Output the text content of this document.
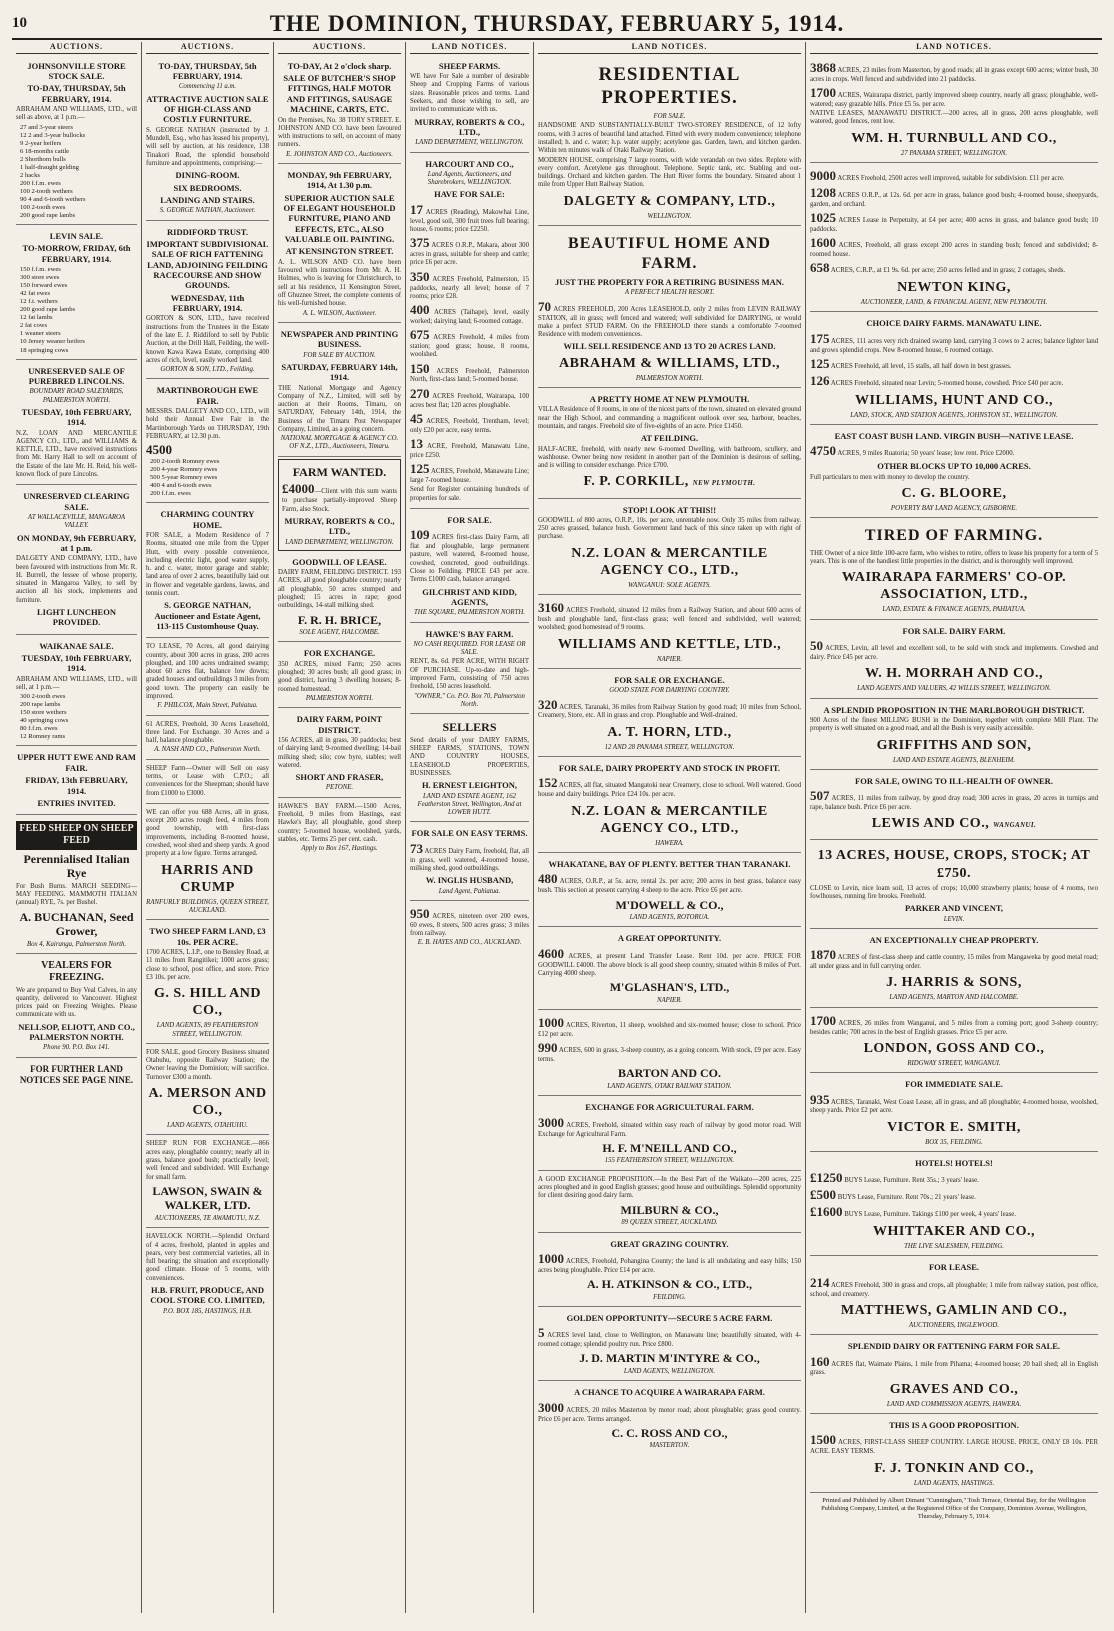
10	THE DOMINION, THURSDAY, FEBRUARY 5, 1914.
AUCTIONS.
JOHNSONVILLE STORE STOCK SALE.
TO-DAY, THURSDAY, 5th FEBRUARY, 1914.

ABRAHAM AND WILLIAMS, LTD., will sell as above, at 1 p.m.—

27 and 3-year steers
12 2 and 3-year bullocks
9 2-year heifers
6 18-months cattle
2 Shorthorn bulls
1 half-draught gelding
2 hacks
200 f.f.m. ewes
100 2-tooth wethers
90 4 and 6-tooth wethers
100 2-tooth ewes
200 good rape lambs
LEVIN SALE.
TO-MORROW, FRIDAY, 6th FEBRUARY, 1914.
150 f.f.m. ewes
300 store ewes
150 forward ewes
42 fat ewes
12 f.t. wethers
200 good rape lambs
12 fat lambs
2 fat cows
1 weaner steers
10 Jersey weaner heifers
18 springing cows
UNRESERVED SALE OF PUREBRED LINCOLNS.
BOUNDARY ROAD SALEYARDS, PALMERSTON NORTH.
TUESDAY, 10th FEBRUARY, 1914.

N.Z. LOAN AND MERCANTILE AGENCY CO., LTD., and WILLIAMS & KETTLE, LTD., have received instructions from Mr. Harry Hall to sell on account of the Estate of the late Mr. H. Reid, his well-known flock of pure Lincolns.

UNRESERVED CLEARING SALE.
AT WALLACEVILLE, MANGAROA VALLEY.
ON MONDAY, 9th FEBRUARY, at 1 p.m.

DALGETY AND COMPANY, LTD., have been favoured with instructions from Mr. R. H. Burrell, the lessee of whose property, situated in Mangaroa Valley, to sell by auction all his stock, implements and furniture.

LIGHT LUNCHEON PROVIDED.
WAIKANAE SALE.
TUESDAY, 10th FEBRUARY, 1914.

ABRAHAM AND WILLIAMS, LTD., will sell, at 1 p.m.—

300 2-tooth ewes
200 rape lambs
150 store wethers
40 springing cows
80 f.f.m. ewes
12 Romney rams
UPPER HUTT EWE AND RAM FAIR.
FRIDAY, 13th FEBRUARY, 1914.
ENTRIES INVITED.
FEED SHEEP ON SHEEP FEED
Perennialised Italian Rye

For Bush Burns. MARCH SEEDING—MAY FEEDING. MAMMOTH ITALIAN (annual) RYE, 7s. per Bushel.

A. BUCHANAN, Seed Grower,
Box 4, Kairanga, Palmerston North.
VEALERS FOR FREEZING.

We are prepared to Buy Veal Calves, in any quantity, delivered to Vancouver. Highest prices paid on Freezing Weights. Please communicate with us.

NELLSOP, ELIOTT, AND CO., PALMERSTON NORTH.
Phone 90. P.O. Box 141.
FOR FURTHER LAND NOTICES SEE PAGE NINE.
AUCTIONS.
TO-DAY, THURSDAY, 5th FEBRUARY, 1914.
Commencing 11 a.m.
ATTRACTIVE AUCTION SALE OF HIGH-CLASS AND COSTLY FURNITURE.

S. GEORGE NATHAN (instructed by J. Mundell, Esq., who has leased his property), will sell by auction, at his residence, 138 Tinakori Road, the splendid household furniture and appointments, comprising:—

DINING-ROOM.
SIX BEDROOMS.
LANDING AND STAIRS.
S. GEORGE NATHAN, Auctioneer.
RIDDIFORD TRUST.
IMPORTANT SUBDIVISIONAL SALE OF RICH FATTENING LAND, ADJOINING FEILDING RACECOURSE AND SHOW GROUNDS.
WEDNESDAY, 11th FEBRUARY, 1914.

GORTON & SON, LTD., have received instructions from the Trustees in the Estate of the late E. J. Riddiford to sell by Public Auction, at the Drill Hall, Feilding, the well-known Kawa Kawa Estate, comprising 400 acres of rich, level, easily worked land.

GORTON & SON, LTD., Feilding.
MARTINBOROUGH EWE FAIR.

MESSRS. DALGETY AND CO., LTD., will hold their Annual Ewe Fair in the Martinborough Yards on THURSDAY, 19th FEBRUARY, at 12.30 p.m.

4500
200 2-tooth Romney ewes
200 4-year Romney ewes
500 5-year Romney ewes
400 4 and 6-tooth ewes
200 f.f.m. ewes
CHARMING COUNTRY HOME.

FOR SALE, a Modern Residence of 7 Rooms, situated one mile from the Upper Hutt, with every possible convenience, including electric light, good water supply, h. and c. water, motor garage and stable; land area of over 2 acres, beautifully laid out in flower and vegetable gardens, lawns, and tennis court.

S. GEORGE NATHAN, Auctioneer and Estate Agent, 113-115 Customhouse Quay.

TO LEASE, 70 Acres, all good dairying country, about 300 acres in grass, 200 acres ploughed, and 100 acres undrained swamp; about 60 acres flat, balance low downs; graded houses and outbuildings 3 miles from good town. The property can easily be improved.

F. PHILCOX, Main Street, Pahiatua.

61 ACRES, Freehold, 30 Acres Leasehold, three land. For Exchange. 30 Acres and a half, balance ploughable.

A. NASH AND CO., Palmerston North.

SHEEP Farm—Owner will Sell on easy terms, or Lease with C.P.O.; all conveniences for the Sheepman; should have from £1000 to £3000.

WE can offer you 688 Acres, all in grass, except 200 acres rough feed, 4 miles from good township, with first-class improvements, including 8-roomed house, cowshed, wool shed and sheep yards. A good property at a low figure. Terms arranged.

HARRIS AND CRUMP
RANFURLY BUILDINGS, QUEEN STREET, AUCKLAND.
TWO SHEEP FARM LAND, £3 10s. PER ACRE.

1700 ACRES, L.I.P., one to Bensley Road, at 11 miles from Rangitikei; 1000 acres grass; close to school, post office, and store. Price £3 10s. per acre.

G. S. HILL AND CO.,
LAND AGENTS, 89 FEATHERSTON STREET, WELLINGTON.

FOR SALE, good Grocery Business situated Otahuhu, opposite Railway Station; the Owner leaving the Dominion; will sacrifice. Turnover £300 a month.

A. MERSON AND CO.,
LAND AGENTS, OTAHUHU.

SHEEP RUN FOR EXCHANGE.—866 acres easy, ploughable country; nearly all in grass, balance good bush; practically level; well fenced and subdivided. Will Exchange for small farm.

LAWSON, SWAIN & WALKER, LTD.
AUCTIONEERS, TE AWAMUTU, N.Z.

HAVELOCK NORTH.—Splendid Orchard of 4 acres, freehold, planted in apples and pears, very best commercial varieties, all in full bearing; the situation and exceptionally good climate. House of 5 rooms, with conveniences.

H.B. FRUIT, PRODUCE, AND COOL STORE CO. LIMITED,
P.O. BOX 185, HASTINGS, H.B.
AUCTIONS.
TO-DAY, At 2 o'clock sharp.
SALE OF BUTCHER'S SHOP FITTINGS, HALF MOTOR AND FITTINGS, SAUSAGE MACHINE, CARTS, ETC.

On the Premises, No. 38 TORY STREET. E. JOHNSTON AND CO. have been favoured with instructions to sell, on account of many runners.

E. JOHNSTON AND CO., Auctioneers.
MONDAY, 9th FEBRUARY, 1914, At 1.30 p.m.
SUPERIOR AUCTION SALE OF ELEGANT HOUSEHOLD FURNITURE, PIANO AND EFFECTS, ETC., ALSO VALUABLE OIL PAINTING.
AT KENSINGTON STREET.

A. L. WILSON AND CO. have been favoured with instructions from Mr. A. H. Holmes, who is leaving for Christchurch, to sell at his residence, 11 Kensington Street, off Ghuznee Street, the complete contents of his well-furnished house.

A. L. WILSON, Auctioneer.
NEWSPAPER AND PRINTING BUSINESS.
FOR SALE BY AUCTION.
SATURDAY, FEBRUARY 14th, 1914.

THE National Mortgage and Agency Company of N.Z., Limited, will sell by auction at their Rooms, Timaru, on SATURDAY, February 14th, 1914, the Business of the Timaru Post Newspaper Company, Limited, as a going concern.

NATIONAL MORTGAGE & AGENCY CO. OF N.Z., LTD., Auctioneers, Timaru.
FARM WANTED.

£4000—Client with this sum wants to purchase partially-improved Sheep Farm, also Stock.

MURRAY, ROBERTS & CO., LTD.,
LAND DEPARTMENT, WELLINGTON.
GOODWILL OF LEASE.

DAIRY FARM, FEILDING DISTRICT. 193 ACRES, all good ploughable country; nearly all ploughable, 50 acres stumped and ploughed; 15 acres in rape; good outbuildings, 14-stall milking shed.

F. R. H. BRICE,
SOLE AGENT, HALCOMBE.
FOR EXCHANGE.

350 ACRES, mixed Farm; 250 acres ploughed; 30 acres bush; all good grass; in good district, having 3 dwelling houses; 8-roomed homestead.

PALMERSTON NORTH.
DAIRY FARM, POINT DISTRICT.

156 ACRES, all in grass, 30 paddocks; best of dairying land; 9-roomed dwelling; 14-bail milking shed; silo; cow byre, stables; well watered.

SHORT AND FRASER,
PETONE.

HAWKE'S BAY FARM.—1500 Acres, Freehold, 9 miles from Hastings, east Hawke's Bay; all ploughable, good sheep country; 5-roomed house, woolshed, yards, stables, etc. Terms 25 per cent. cash.

Apply to Box 167, Hastings.
LAND NOTICES.
SHEEP FARMS.

WE have For Sale a number of desirable Sheep and Cropping Farms of various sizes. Reasonable prices and terms. Land Seekers, and those wishing to sell, are invited to communicate with us.

MURRAY, ROBERTS & CO., LTD.,
LAND DEPARTMENT, WELLINGTON.
HARCOURT AND CO.,
Land Agents, Auctioneers, and Sharebrokers, WELLINGTON.
HAVE FOR SALE:

17 ACRES (Reading), Makowhai Line, level, good soil, 300 fruit trees full bearing; house, 6 rooms; price £2250.

375 ACRES O.R.P., Makara, about 300 acres in grass, suitable for sheep and cattle; price £6 per acre.

350 ACRES Freehold, Palmerston, 15 paddocks, nearly all level; house of 7 rooms; price £28.

400 ACRES (Taihape), level, easily worked; dairying land; 6-roomed cottage.

675 ACRES Freehold, 4 miles from station; good grass; house, 8 rooms, woolshed.

150 ACRES Freehold, Palmerston North, first-class land; 5-roomed house.

270 ACRES Freehold, Wairarapa, 100 acres best flat; 120 acres ploughable.

45 ACRES, Freehold, Trentham, level; only £20 per acre, easy terms.

13 ACRE, Freehold, Manawatu Line, price £250.

125 ACRES, Freehold, Manawatu Line; large 7-roomed house.

Send for Register containing hundreds of properties for sale.

FOR SALE.

109 ACRES first-class Dairy Farm, all flat and ploughable, large permanent pasture, well watered, 8-roomed house, cowshed, concreted, good outbuildings. Close to Feilding. PRICE £43 per acre. Terms £1000 cash, balance arranged.

GILCHRIST AND KIDD, AGENTS,
THE SQUARE, PALMERSTON NORTH.
HAWKE'S BAY FARM.
NO CASH REQUIRED. FOR LEASE OR SALE.

RENT, 8s. 6d. PER ACRE, WITH RIGHT OF PURCHASE. Up-to-date and high-improved Farm, consisting of 750 acres freehold, 150 acres leasehold.

"OWNER," Co. P.O. Box 70, Palmerston North.
SELLERS

Send details of your DAIRY FARMS, SHEEP FARMS, STATIONS, TOWN AND COUNTRY HOUSES, LEASEHOLD PROPERTIES, BUSINESSES.

H. ERNEST LEIGHTON,
LAND AND ESTATE AGENT, 162 Featherston Street, Wellington, And at LOWER HUTT.
FOR SALE ON EASY TERMS.

73 ACRES Dairy Farm, freehold, flat, all in grass, well watered, 4-roomed house, milking shed, good outbuildings.

W. INGLIS HUSBAND,
Land Agent, Pahiatua.

950 ACRES, nineteen over 200 ewes, 60 ewes, 8 steers, 500 acres grass; 3 miles from railway.

E. B. HAYES AND CO., AUCKLAND.
LAND NOTICES.
RESIDENTIAL PROPERTIES.
FOR SALE.

HANDSOME AND SUBSTANTIALLY-BUILT TWO-STOREY RESIDENCE, of 12 lofty rooms, with 3 acres of beautiful land attached. Fitted with every modern convenience; telephone installed; h. and c. water; h.p. water supply; acetylene gas. Garden, lawn, and kitchen garden. Within ten minutes walk of Otaki Railway Station.

MODERN HOUSE, comprising 7 large rooms, with wide verandah on two sides. Replete with every comfort. Acetylene gas throughout. Telephone. Septic tank, etc. Stabling and out-buildings. Orchard and kitchen garden. The Hutt River forms the boundary. Situated about 1 mile from Upper Hutt Railway Station.

DALGETY & COMPANY, LTD.,
WELLINGTON.
BEAUTIFUL HOME AND FARM.
JUST THE PROPERTY FOR A RETIRING BUSINESS MAN.
A PERFECT HEALTH RESORT.

70 ACRES FREEHOLD, 200 Acres LEASEHOLD, only 2 miles from LEVIN RAILWAY STATION, all in grass; well fenced and watered; well subdivided for DAIRYING, or would make a perfect STUD FARM. On the FREEHOLD there stands a comfortable 7-roomed Residence with modern conveniences.

WILL SELL RESIDENCE AND 13 TO 20 ACRES LAND.
ABRAHAM & WILLIAMS, LTD.,
PALMERSTON NORTH.
A PRETTY HOME AT NEW PLYMOUTH.

VILLA Residence of 8 rooms, in one of the nicest parts of the town, situated on elevated ground near the High School, and commanding a magnificent outlook over sea, harbour, beaches, mountain, and ranges. Freehold site of five-eighths of an acre. Price £1450.

AT FEILDING.

HALF-ACRE, freehold, with nearly new 6-roomed Dwelling, with bathroom, scullery, and washhouse. Owner being now resident in another part of the Dominion is desirous of selling, and is willing to consider exchange. Price £700.

F. P. CORKILL, NEW PLYMOUTH.
STOP! LOOK AT THIS!!

GOODWILL of 800 acres, O.R.P., 10s. per acre, unrentable now. Only 35 miles from railway. 250 acres grassed, balance bush. Government land back of this since taken up with right of purchase.

N.Z. LOAN & MERCANTILE AGENCY CO., LTD.,
WANGANUI: SOLE AGENTS.

3160 ACRES Freehold, situated 12 miles from a Railway Station, and about 600 acres of bush and ploughable land, first-class grass; well fenced and subdivided, well watered; woolshed; good homestead of 9 rooms.

WILLIAMS AND KETTLE, LTD.,
NAPIER.
FOR SALE OR EXCHANGE.
GOOD STATE FOR DAIRYING COUNTRY.

320 ACRES, Taranaki, 36 miles from Railway Station by good road; 10 miles from School, Creamery, Store, etc. All in grass and crop. Ploughable and Well-drained.

A. T. HORN, LTD.,
12 AND 28 PANAMA STREET, WELLINGTON.
FOR SALE, DAIRY PROPERTY AND STOCK IN PROFIT.

152 ACRES, all flat, situated Mangatoki near Creamery, close to school. Well watered. Good house and dairy buildings. Price £24 10s. per acre.

N.Z. LOAN & MERCANTILE AGENCY CO., LTD.,
HAWERA.
WHAKATANE, BAY OF PLENTY. BETTER THAN TARANAKI.

480 ACRES, O.R.P., at 5s. acre, rental 2s. per acre; 200 acres in best grass, balance easy bush. This section at present carrying 4 sheep to the acre. Price £6 per acre.

M'DOWELL & CO.,
LAND AGENTS, ROTORUA.
A GREAT OPPORTUNITY.

4600 ACRES, at present Land Transfer Lease. Rent 10d. per acre. PRICE FOR GOODWILL £4000. The above block is all good sheep country, situated within 8 miles of Port. Carrying 4000 sheep.

M'GLASHAN'S, LTD.,
NAPIER.

1000 ACRES, Riverton, 11 sheep, woolshed and six-roomed house; close to school. Price £12 per acre.

990 ACRES, 600 in grass, 3-sheep country, as a going concern. With stock, £9 per acre. Easy terms.

BARTON AND CO.
LAND AGENTS, OTAKI RAILWAY STATION.
EXCHANGE FOR AGRICULTURAL FARM.

3000 ACRES, Freehold, situated within easy reach of railway by good motor road. Will Exchange for Agricultural Farm.

H. F. M'NEILL AND CO.,
155 FEATHERSTON STREET, WELLINGTON.

A GOOD EXCHANGE PROPOSITION.—In the Best Part of the Waikato—200 acres, 225 acres ploughed and in good English grasses; good house and outbuildings. Splendid opportunity for client desiring good dairy farm.

MILBURN & CO.,
89 QUEEN STREET, AUCKLAND.
GREAT GRAZING COUNTRY.

1000 ACRES, Freehold, Pohangina County; the land is all undulating and easy hills; 150 acres being ploughable. Price £14 per acre.

A. H. ATKINSON & CO., LTD.,
FEILDING.
GOLDEN OPPORTUNITY—SECURE 5 ACRE FARM.

5 ACRES level land, close to Wellington, on Manawatu line; beautifully situated, with 4-roomed cottage; splendid poultry run. Price £800.

J. D. MARTIN M'INTYRE & CO.,
LAND AGENTS, WELLINGTON.
A CHANCE TO ACQUIRE A WAIRARAPA FARM.

3000 ACRES, 20 miles Masterton by motor road; about ploughable; grass good country. Price £6 per acre. Terms arranged.

C. C. ROSS AND CO.,
MASTERTON.
LAND NOTICES.

3868 ACRES, 23 miles from Masterton, by good roads; all in grass except 600 acres; winter bush, 30 acres in crops. Well fenced and subdivided into 21 paddocks.

1700 ACRES, Wairarapa district, partly improved sheep country, nearly all grass; ploughable, well-watered; easy grazable hills. Price £5 5s. per acre.

NATIVE LEASES, MANAWATU DISTRICT.—200 acres, all in grass, 200 acres ploughable, well watered, good fences, rent low.

WM. H. TURNBULL AND CO.,
27 PANAMA STREET, WELLINGTON.

9000 ACRES Freehold, 2500 acres well improved, suitable for subdivision. £11 per acre.

1208 ACRES O.R.P., at 12s. 6d. per acre in grass, balance good bush; 4-roomed house, sheepyards, garden, and orchard.

1025 ACRES Lease in Perpetuity, at £4 per acre; 400 acres in grass, and balance good bush; 10 paddocks.

1600 ACRES, Freehold, all grass except 200 acres in standing bush; fenced and subdivided; 8-roomed house.

658 ACRES, C.R.P., at £1 9s. 6d. per acre; 250 acres felled and in grass; 2 cottages, sheds.

NEWTON KING,
AUCTIONEER, LAND, & FINANCIAL AGENT, NEW PLYMOUTH.
CHOICE DAIRY FARMS. MANAWATU LINE.

175 ACRES, 111 acres very rich drained swamp land, carrying 3 cows to 2 acres; balance lighter land and grows splendid crops. New 8-roomed house, 6 roomed cottage.

125 ACRES Freehold, all level, 15 stalls, all half down in best grasses.

126 ACRES Freehold, situated near Levin; 5-roomed house, cowshed. Price £40 per acre.

WILLIAMS, HUNT AND CO.,
LAND, STOCK, AND STATION AGENTS, JOHNSTON ST., WELLINGTON.
EAST COAST BUSH LAND. VIRGIN BUSH—NATIVE LEASE.

4750 ACRES, 9 miles Ruatoria; 50 years' lease; low rent. Price £2000.

OTHER BLOCKS UP TO 10,000 ACRES.

Full particulars to men with money to develop the country.

C. G. BLOORE,
POVERTY BAY LAND AGENCY, GISBORNE.
TIRED OF FARMING.

THE Owner of a nice little 100-acre farm, who wishes to retire, offers to lease his property for a term of 5 years. This is one of the handiest little properties in the district, and is thoroughly well improved.

WAIRARAPA FARMERS' CO-OP. ASSOCIATION, LTD.,
LAND, ESTATE & FINANCE AGENTS, PAHIATUA.
FOR SALE. DAIRY FARM.

50 ACRES, Levin, all level and excellent soil, to be sold with stock and implements. Cowshed and dairy. Price £45 per acre.

W. H. MORRAH AND CO.,
LAND AGENTS AND VALUERS, 42 WILLIS STREET, WELLINGTON.
A SPLENDID PROPOSITION IN THE MARLBOROUGH DISTRICT.

900 Acres of the finest MILLING BUSH in the Dominion, together with complete Mill Plant. The property is well situated on a good road, and all the Bush is very easily accessible.

GRIFFITHS AND SON,
LAND AND ESTATE AGENTS, BLENHEIM.
FOR SALE, OWING TO ILL-HEALTH OF OWNER.

507 ACRES, 11 miles from railway, by good dray road; 300 acres in grass, 20 acres in turnips and rape, balance bush. Price £6 per acre.

LEWIS AND CO., WANGANUI.
13 ACRES, HOUSE, CROPS, STOCK; AT £750.

CLOSE to Levin, nice loam soil, 13 acres of crops; 10,000 strawberry plants; house of 4 rooms, two fowlhouses, running fire brooks. Freehold.

PARKER AND VINCENT,
LEVIN.
AN EXCEPTIONALLY CHEAP PROPERTY.

1870 ACRES of first-class sheep and cattle country, 15 miles from Mangaweka by good metal road; all under grass and in full carrying order.

J. HARRIS & SONS,
LAND AGENTS, MARTON AND HALCOMBE.

1700 ACRES, 26 miles from Wanganui, and 5 miles from a coming port; good 3-sheep country; besides cattle; 700 acres in the best of English grasses. Price £5 per acre.

LONDON, GOSS AND CO.,
RIDGWAY STREET, WANGANUI.
FOR IMMEDIATE SALE.

935 ACRES, Taranaki, West Coast Lease, all in grass, and all ploughable; 4-roomed house, woolshed, sheep yards. Price £2 per acre.

VICTOR E. SMITH,
BOX 35, FEILDING.
HOTELS! HOTELS!

£1250 BUYS Lease, Furniture. Rent 35s.; 3 years' lease.

£500 BUYS Lease, Furniture. Rent 70s.; 21 years' lease.

£1600 BUYS Lease, Furniture. Takings £100 per week, 4 years' lease.

WHITTAKER AND CO.,
THE LIVE SALESMEN, FEILDING.
FOR LEASE.

214 ACRES Freehold, 300 in grass and crops, all ploughable; 1 mile from railway station, post office, school, and creamery.

MATTHEWS, GAMLIN AND CO.,
AUCTIONEERS, INGLEWOOD.
SPLENDID DAIRY OR FATTENING FARM FOR SALE.

160 ACRES flat, Waimate Plains, 1 mile from Pihama; 4-roomed house; 20 bail shed; all in English grass.

GRAVES AND CO.,
LAND AND COMMISSION AGENTS, HAWERA.
THIS IS A GOOD PROPOSITION.

1500 ACRES, FIRST-CLASS SHEEP COUNTRY. LARGE HOUSE. PRICE, ONLY £8 10s. PER ACRE. EASY TERMS.

F. J. TONKIN AND CO.,
LAND AGENTS, HASTINGS.
Printed and Published by Albert Dimant "Cunningham," Tosh Terrace, Oriental Bay, for the Wellington Publishing Company, Limited, at the Registered Office of the Company, Dominion Avenue, Wellington, Thursday, February 5, 1914.
